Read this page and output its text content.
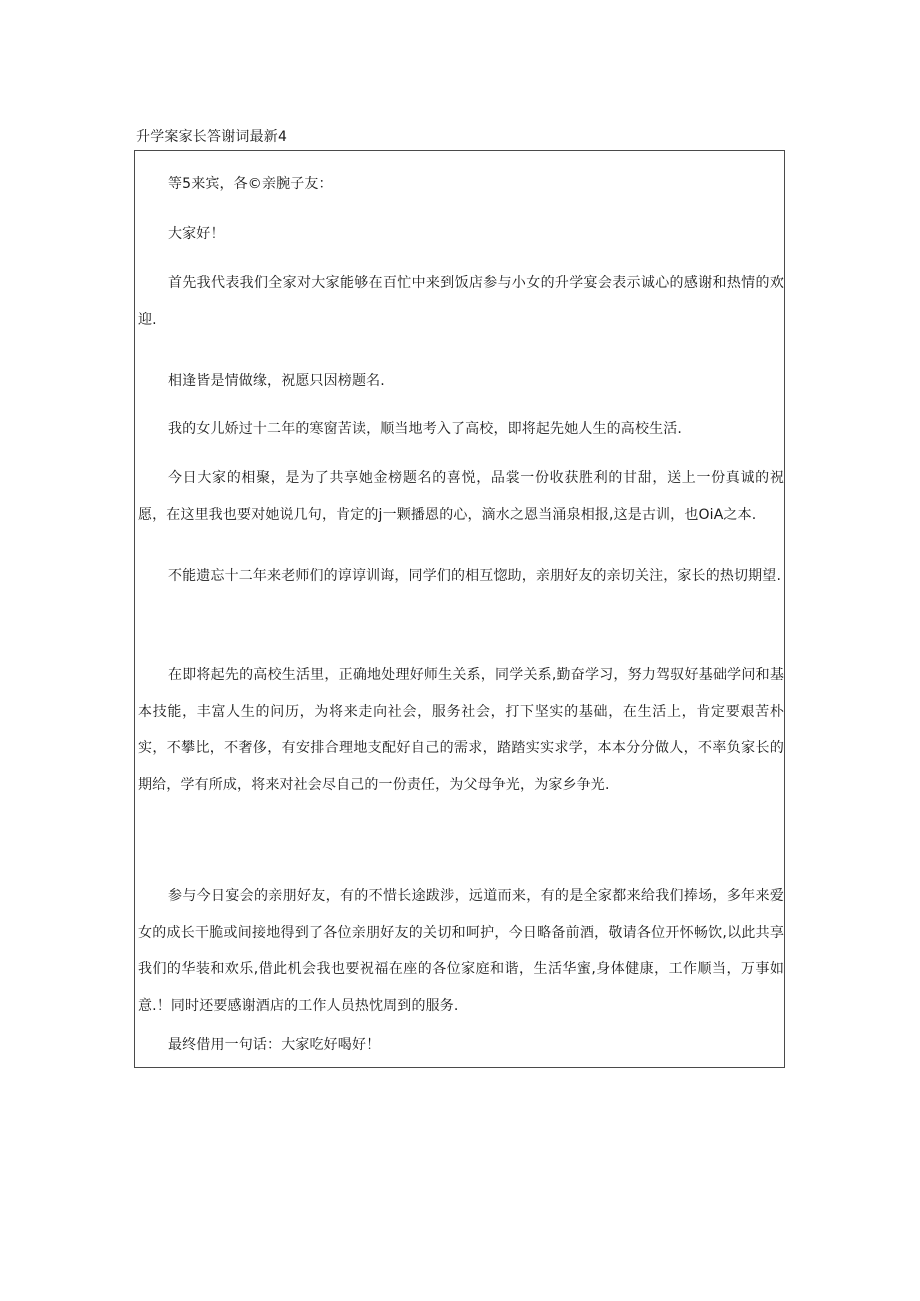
升学案家长答谢词最新4

等5来宾，各©亲腕子友：

大家好！

首先我代表我们全家对大家能够在百忙中来到饭店参与小女的升学宴会表示诚心的感谢和热情的欢迎.

相逢皆是情做缘，祝愿只因榜题名.

我的女儿娇过十二年的寒窗苦读，顺当地考入了高校，即将起先她人生的高校生活.

今日大家的相聚，是为了共享她金榜题名的喜悦，品裳一份收获胜利的甘甜，送上一份真诚的祝愿，在这里我也要对她说几句，肯定的j一颗播恩的心，滴水之恩当涌泉相报,这是古训，也OiA之本.

不能遗忘十二年来老师们的谆谆训诲，同学们的相互惚助，亲朋好友的亲切关注，家长的热切期望.

在即将起先的高校生活里，正确地处理好师生关系，同学关系,勤奋学习，努力驾驭好基础学问和基本技能，丰富人生的问历，为将来走向社会，服务社会，打下坚实的基础，在生活上，肯定要艰苦朴实，不攀比，不奢侈，有安排合理地支配好自己的需求，踏踏实实求学，本本分分做人，不率负家长的期给，学有所成，将来对社会尽自己的一份责任，为父母争光，为家乡争光.

参与今日宴会的亲朋好友，有的不惜长途跋涉，远道而来，有的是全家都来给我们捧场，多年来爱女的成长干脆或间接地得到了各位亲朋好友的关切和呵护，今日略备前酒，敬请各位开怀畅饮,以此共享我们的华装和欢乐,借此机会我也要祝福在座的各位家庭和谐，生活华蜜,身体健康，工作顺当，万事如意.！同时还要感谢酒店的工作人员热忱周到的服务.

最终借用一句话：大家吃好喝好！
